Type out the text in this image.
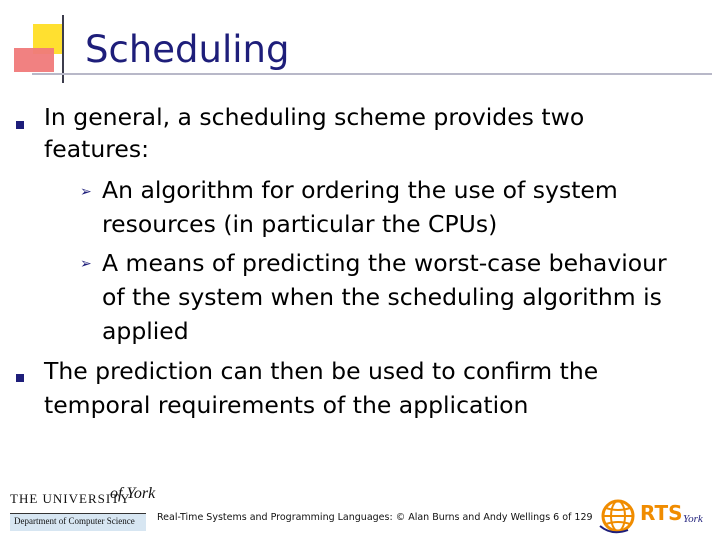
Scheduling
In general, a scheduling scheme provides two
features:
➢ An algorithm for ordering the use of system
resources (in particular the CPUs)
➢ A means of predicting the worst-case behaviour
of the system when the scheduling algorithm is
applied
The prediction can then be used to confirm the
temporal requirements of the application
THE UNIVERSITY
of York
Department of Computer Science Real-Time Systems and Programming Languages: © Alan Burns and Andy Wellings 6 of 129 RTS York
